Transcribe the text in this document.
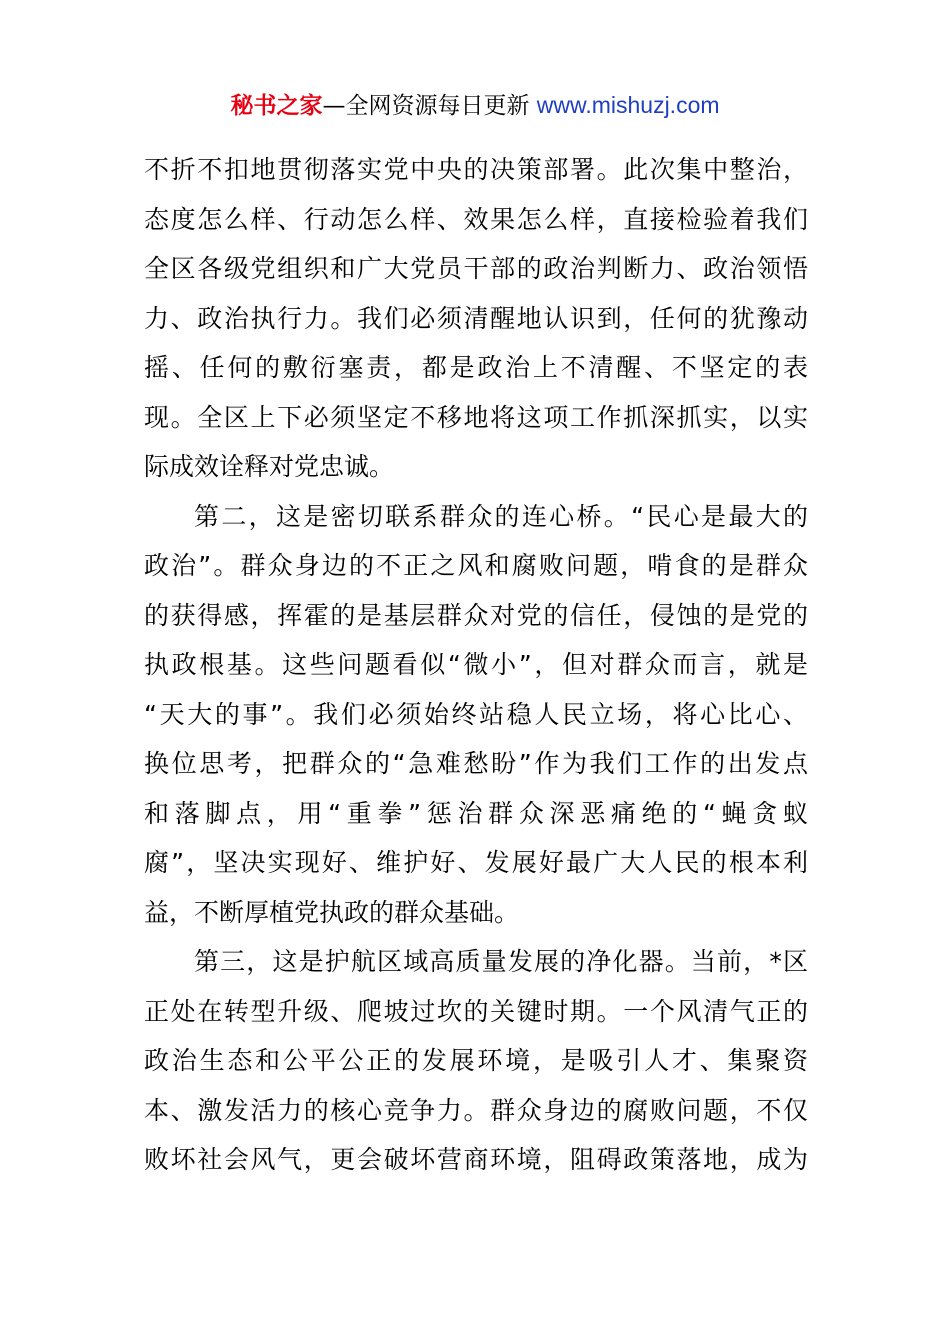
秘书之家—全网资源每日更新 www.mishuzj.com
不折不扣地贯彻落实党中央的决策部署。此次集中整治，
态度怎么样、行动怎么样、效果怎么样，直接检验着我们
全区各级党组织和广大党员干部的政治判断力、政治领悟
力、政治执行力。我们必须清醒地认识到，任何的犹豫动
摇、任何的敷衍塞责，都是政治上不清醒、不坚定的表
现。全区上下必须坚定不移地将这项工作抓深抓实，以实
际成效诠释对党忠诚。
第二，这是密切联系群众的连心桥。“民心是最大的
政治”。群众身边的不正之风和腐败问题，啃食的是群众
的获得感，挥霍的是基层群众对党的信任，侵蚀的是党的
执政根基。这些问题看似“微小”，但对群众而言，就是
“天大的事”。我们必须始终站稳人民立场，将心比心、
换位思考，把群众的“急难愁盼”作为我们工作的出发点
和落脚点，用“重拳”惩治群众深恶痛绝的“蝇贪蚁
腐”，坚决实现好、维护好、发展好最广大人民的根本利
益，不断厚植党执政的群众基础。
第三，这是护航区域高质量发展的净化器。当前，*区
正处在转型升级、爬坡过坎的关键时期。一个风清气正的
政治生态和公平公正的发展环境，是吸引人才、集聚资
本、激发活力的核心竞争力。群众身边的腐败问题，不仅
败坏社会风气，更会破坏营商环境，阻碍政策落地，成为
